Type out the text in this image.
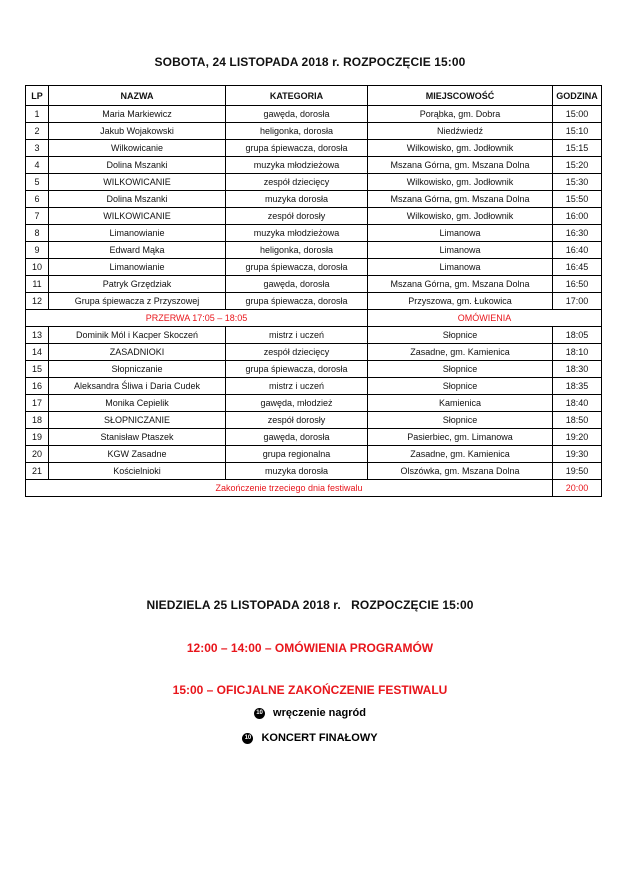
SOBOTA, 24 LISTOPADA 2018 r. ROZPOCZĘCIE 15:00
LP	NAZWA	KATEGORIA	MIEJSCOWOŚĆ	GODZINA
1	Maria Markiewicz	gawęda, dorosła	Porąbka, gm. Dobra	15:00
2	Jakub Wojakowski	heligonka, dorosła	Niedźwiedź	15:10
3	Wilkowicanie	grupa śpiewacza, dorosła	Wilkowisko, gm. Jodłownik	15:15
4	Dolina Mszanki	muzyka młodzieżowa	Mszana Górna, gm. Mszana Dolna	15:20
5	WILKOWICANIE	zespół dziecięcy	Wilkowisko, gm. Jodłownik	15:30
6	Dolina Mszanki	muzyka dorosła	Mszana Górna, gm. Mszana Dolna	15:50
7	WILKOWICANIE	zespół dorosły	Wilkowisko, gm. Jodłownik	16:00
8	Limanowianie	muzyka młodzieżowa	Limanowa	16:30
9	Edward Mąka	heligonka, dorosła	Limanowa	16:40
10	Limanowianie	grupa śpiewacza, dorosła	Limanowa	16:45
11	Patryk Grzędziak	gawęda, dorosła	Mszana Górna, gm. Mszana Dolna	16:50
12	Grupa śpiewacza z Przyszowej	grupa śpiewacza, dorosła	Przyszowa, gm. Łukowica	17:00
PRZERWA 17:05 – 18:05			OMÓWIENIA	
13	Dominik Mól i Kacper Skoczeń	mistrz i uczeń	Słopnice	18:05
14	ZASADNIOKI	zespół dziecięcy	Zasadne, gm. Kamienica	18:10
15	Słopniczanie	grupa śpiewacza, dorosła	Słopnice	18:30
16	Aleksandra Śliwa i Daria Cudek	mistrz i uczeń	Słopnice	18:35
17	Monika Cepielik	gawęda, młodzież	Kamienica	18:40
18	SŁOPNICZANIE	zespół dorosły	Słopnice	18:50
19	Stanisław Ptaszek	gawęda, dorosła	Pasierbiec, gm. Limanowa	19:20
20	KGW Zasadne	grupa regionalna	Zasadne, gm. Kamienica	19:30
21	Kościelnioki	muzyka dorosła	Olszówka, gm. Mszana Dolna	19:50
Zakończenie trzeciego dnia festiwalu				20:00
NIEDZIELA 25 LISTOPADA 2018 r.   ROZPOCZĘCIE 15:00
12:00 – 14:00 – OMÓWIENIA PROGRAMÓW
15:00 – OFICJALNE ZAKOŃCZENIE FESTIWALU
10 wręczenie nagród
10 KONCERT FINAŁOWY
